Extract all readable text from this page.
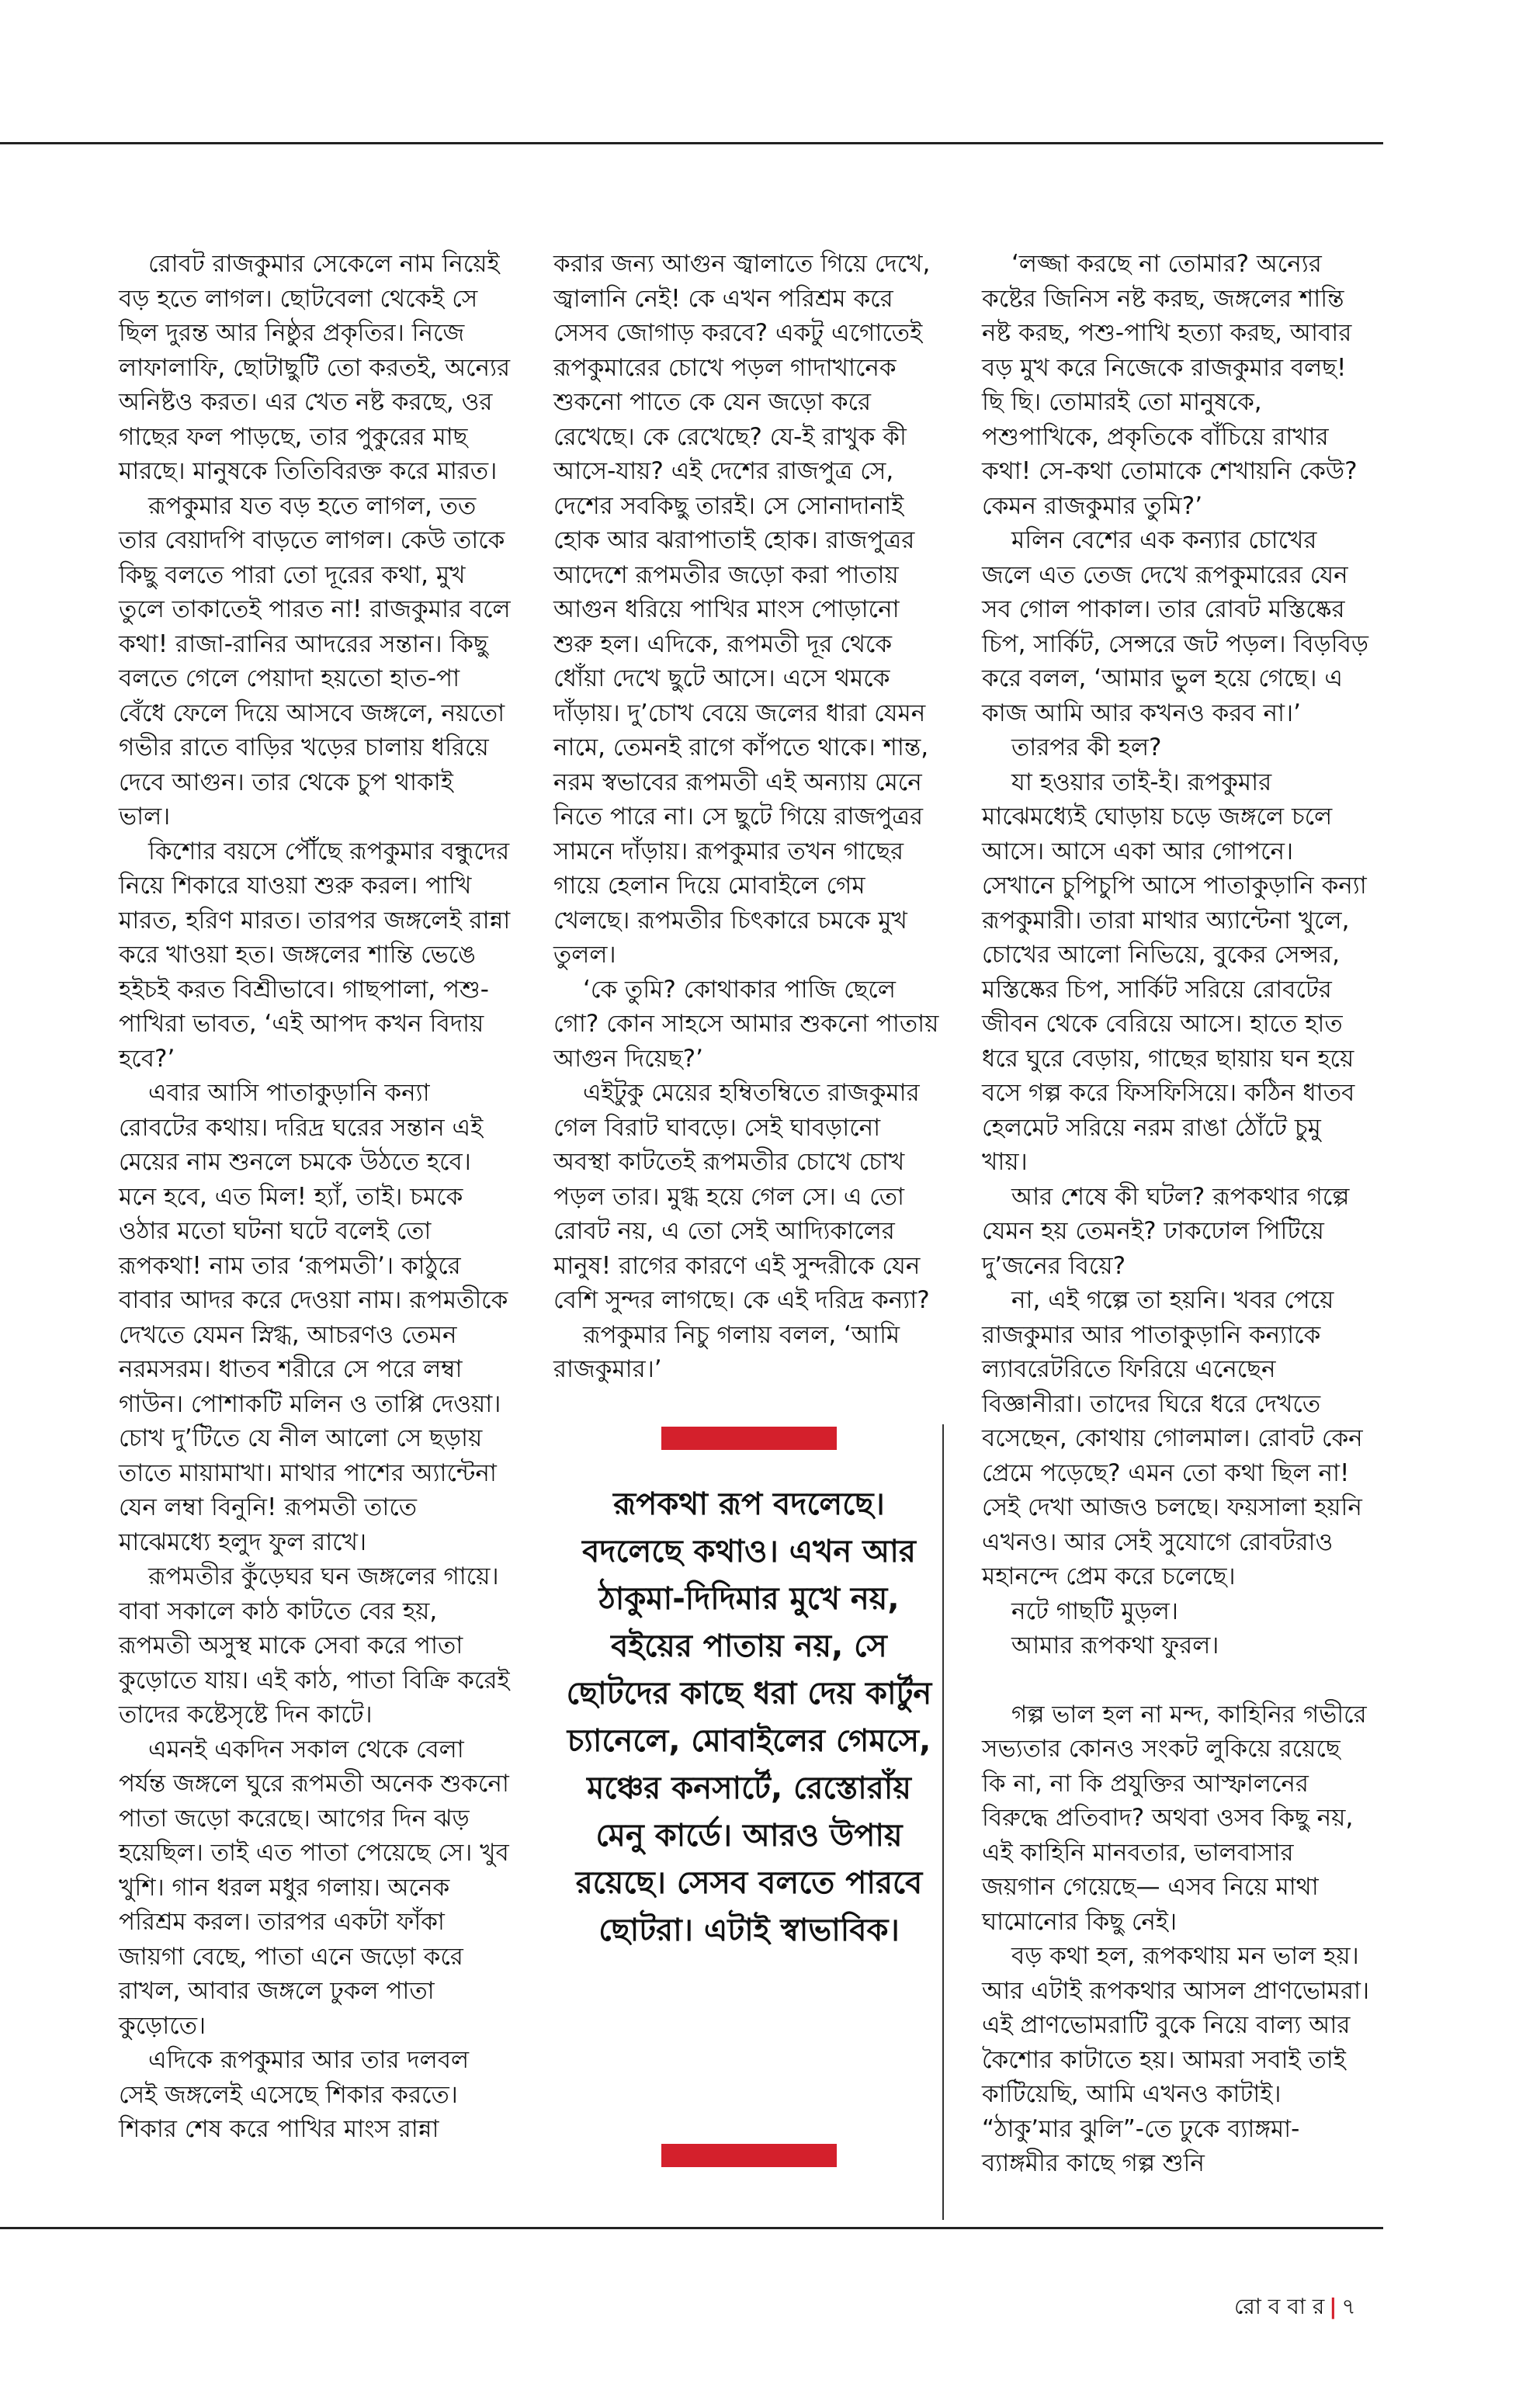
রোবট রাজকুমার সেকেলে নাম নিয়েই বড় হতে লাগল। ছোটবেলা থেকেই সে ছিল দুরন্ত আর নিষ্ঠুর প্রকৃতির। নিজে লাফালাফি, ছোটাছুটি তো করতই, অন্যের অনিষ্টও করত। এর খেত নষ্ট করছে, ওর গাছের ফল পাড়ছে, তার পুকুরের মাছ মারছে। মানুষকে তিতিবিরক্ত করে মারত।

রূপকুমার যত বড় হতে লাগল, তত তার বেয়াদপি বাড়তে লাগল। কেউ তাকে কিছু বলতে পারা তো দূরের কথা, মুখ তুলে তাকাতেই পারত না! রাজকুমার বলে কথা! রাজা-রানির আদরের সন্তান। কিছু বলতে গেলে পেয়াদা হয়তো হাত-পা বেঁধে ফেলে দিয়ে আসবে জঙ্গলে, নয়তো গভীর রাতে বাড়ির খড়ের চালায় ধরিয়ে দেবে আগুন। তার থেকে চুপ থাকাই ভাল।

কিশোর বয়সে পৌঁছে রূপকুমার বন্ধুদের নিয়ে শিকারে যাওয়া শুরু করল। পাখি মারত, হরিণ মারত। তারপর জঙ্গলেই রান্না করে খাওয়া হত। জঙ্গলের শান্তি ভেঙে হইচই করত বিশ্রীভাবে। গাছপালা, পশু-পাখিরা ভাবত, ‘এই আপদ কখন বিদায় হবে?’

এবার আসি পাতাকুড়ানি কন্যা রোবটের কথায়। দরিদ্র ঘরের সন্তান এই মেয়ের নাম শুনলে চমকে উঠতে হবে। মনে হবে, এত মিল! হ্যাঁ, তাই। চমকে ওঠার মতো ঘটনা ঘটে বলেই তো রূপকথা! নাম তার ‘রূপমতী’। কাঠুরে বাবার আদর করে দেওয়া নাম। রূপমতীকে দেখতে যেমন স্নিগ্ধ, আচরণও তেমন নরমসরম। ধাতব শরীরে সে পরে লম্বা গাউন। পোশাকটি মলিন ও তাপ্পি দেওয়া। চোখ দু’টিতে যে নীল আলো সে ছড়ায় তাতে মায়ামাখা। মাথার পাশের অ্যান্টেনা যেন লম্বা বিনুনি! রূপমতী তাতে মাঝেমধ্যে হলুদ ফুল রাখে।

রূপমতীর কুঁড়েঘর ঘন জঙ্গলের গায়ে। বাবা সকালে কাঠ কাটতে বের হয়, রূপমতী অসুস্থ মাকে সেবা করে পাতা কুড়োতে যায়। এই কাঠ, পাতা বিক্রি করেই তাদের কষ্টেসৃষ্টে দিন কাটে।

এমনই একদিন সকাল থেকে বেলা পর্যন্ত জঙ্গলে ঘুরে রূপমতী অনেক শুকনো পাতা জড়ো করেছে। আগের দিন ঝড় হয়েছিল। তাই এত পাতা পেয়েছে সে। খুব খুশি। গান ধরল মধুর গলায়। অনেক পরিশ্রম করল। তারপর একটা ফাঁকা জায়গা বেছে, পাতা এনে জড়ো করে রাখল, আবার জঙ্গলে ঢুকল পাতা কুড়োতে।

এদিকে রূপকুমার আর তার দলবল সেই জঙ্গলেই এসেছে শিকার করতে। শিকার শেষ করে পাখির মাংস রান্না

করার জন্য আগুন জ্বালাতে গিয়ে দেখে, জ্বালানি নেই! কে এখন পরিশ্রম করে সেসব জোগাড় করবে? একটু এগোতেই রূপকুমারের চোখে পড়ল গাদাখানেক শুকনো পাতে কে যেন জড়ো করে রেখেছে। কে রেখেছে? যে-ই রাখুক কী আসে-যায়? এই দেশের রাজপুত্র সে, দেশের সবকিছু তারই। সে সোনাদানাই হোক আর ঝরাপাতাই হোক। রাজপুত্রর আদেশে রূপমতীর জড়ো করা পাতায় আগুন ধরিয়ে পাখির মাংস পোড়ানো শুরু হল। এদিকে, রূপমতী দূর থেকে ধোঁয়া দেখে ছুটে আসে। এসে থমকে দাঁড়ায়। দু’চোখ বেয়ে জলের ধারা যেমন নামে, তেমনই রাগে কাঁপতে থাকে। শান্ত, নরম স্বভাবের রূপমতী এই অন্যায় মেনে নিতে পারে না। সে ছুটে গিয়ে রাজপুত্রর সামনে দাঁড়ায়। রূপকুমার তখন গাছের গায়ে হেলান দিয়ে মোবাইলে গেম খেলছে। রূপমতীর চিৎকারে চমকে মুখ তুলল।

‘কে তুমি? কোথাকার পাজি ছেলে গো? কোন সাহসে আমার শুকনো পাতায় আগুন দিয়েছ?’

এইটুকু মেয়ের হম্বিতম্বিতে রাজকুমার গেল বিরাট ঘাবড়ে। সেই ঘাবড়ানো অবস্থা কাটতেই রূপমতীর চোখে চোখ পড়ল তার। মুগ্ধ হয়ে গেল সে। এ তো রোবট নয়, এ তো সেই আদ্যিকালের মানুষ! রাগের কারণে এই সুন্দরীকে যেন বেশি সুন্দর লাগছে। কে এই দরিদ্র কন্যা?

রূপকুমার নিচু গলায় বলল, ‘আমি রাজকুমার।’

রূপকথা রূপ বদলেছে। বদলেছে কথাও। এখন আর ঠাকুমা-দিদিমার মুখে নয়, বইয়ের পাতায় নয়, সে ছোটদের কাছে ধরা দেয় কার্টুন চ্যানেলে, মোবাইলের গেমসে, মঞ্চের কনসার্টে, রেস্তোরাঁয় মেনু কার্ডে। আরও উপায় রয়েছে। সেসব বলতে পারবে ছোটরা। এটাই স্বাভাবিক।

‘লজ্জা করছে না তোমার? অন্যের কষ্টের জিনিস নষ্ট করছ, জঙ্গলের শান্তি নষ্ট করছ, পশু-পাখি হত্যা করছ, আবার বড় মুখ করে নিজেকে রাজকুমার বলছ! ছি ছি। তোমারই তো মানুষকে, পশুপাখিকে, প্রকৃতিকে বাঁচিয়ে রাখার কথা! সে-কথা তোমাকে শেখায়নি কেউ? কেমন রাজকুমার তুমি?’

মলিন বেশের এক কন্যার চোখের জলে এত তেজ দেখে রূপকুমারের যেন সব গোল পাকাল। তার রোবট মস্তিষ্কের চিপ, সার্কিট, সেন্সরে জট পড়ল। বিড়বিড় করে বলল, ‘আমার ভুল হয়ে গেছে। এ কাজ আমি আর কখনও করব না।’

তারপর কী হল?

যা হওয়ার তাই-ই। রূপকুমার মাঝেমধ্যেই ঘোড়ায় চড়ে জঙ্গলে চলে আসে। আসে একা আর গোপনে। সেখানে চুপিচুপি আসে পাতাকুড়ানি কন্যা রূপকুমারী। তারা মাথার অ্যান্টেনা খুলে, চোখের আলো নিভিয়ে, বুকের সেন্সর, মস্তিষ্কের চিপ, সার্কিট সরিয়ে রোবটের জীবন থেকে বেরিয়ে আসে। হাতে হাত ধরে ঘুরে বেড়ায়, গাছের ছায়ায় ঘন হয়ে বসে গল্প করে ফিসফিসিয়ে। কঠিন ধাতব হেলমেট সরিয়ে নরম রাঙা ঠোঁটে চুমু খায়।

আর শেষে কী ঘটল? রূপকথার গল্পে যেমন হয় তেমনই? ঢাকঢোল পিটিয়ে দু’জনের বিয়ে?

না, এই গল্পে তা হয়নি। খবর পেয়ে রাজকুমার আর পাতাকুড়ানি কন্যাকে ল্যাবরেটরিতে ফিরিয়ে এনেছেন বিজ্ঞানীরা। তাদের ঘিরে ধরে দেখতে বসেছেন, কোথায় গোলমাল। রোবট কেন প্রেমে পড়েছে? এমন তো কথা ছিল না! সেই দেখা আজও চলছে। ফয়সালা হয়নি এখনও। আর সেই সুযোগে রোবটরাও মহানন্দে প্রেম করে চলেছে।

নটে গাছটি মুড়ল।

আমার রূপকথা ফুরল।

গল্প ভাল হল না মন্দ, কাহিনির গভীরে সভ্যতার কোনও সংকট লুকিয়ে রয়েছে কি না, না কি প্রযুক্তির আস্ফালনের বিরুদ্ধে প্রতিবাদ? অথবা ওসব কিছু নয়, এই কাহিনি মানবতার, ভালবাসার জয়গান গেয়েছে— এসব নিয়ে মাথা ঘামোনোর কিছু নেই।

বড় কথা হল, রূপকথায় মন ভাল হয়। আর এটাই রূপকথার আসল প্রাণভোমরা। এই প্রাণভোমরাটি বুকে নিয়ে বাল্য আর কৈশোর কাটাতে হয়। আমরা সবাই তাই কাটিয়েছি, আমি এখনও কাটাই। “ঠাকু’মার ঝুলি”-তে ঢুকে ব্যাঙ্গমা-ব্যাঙ্গমীর কাছে গল্প শুনি

রো ব বা র | ৭
